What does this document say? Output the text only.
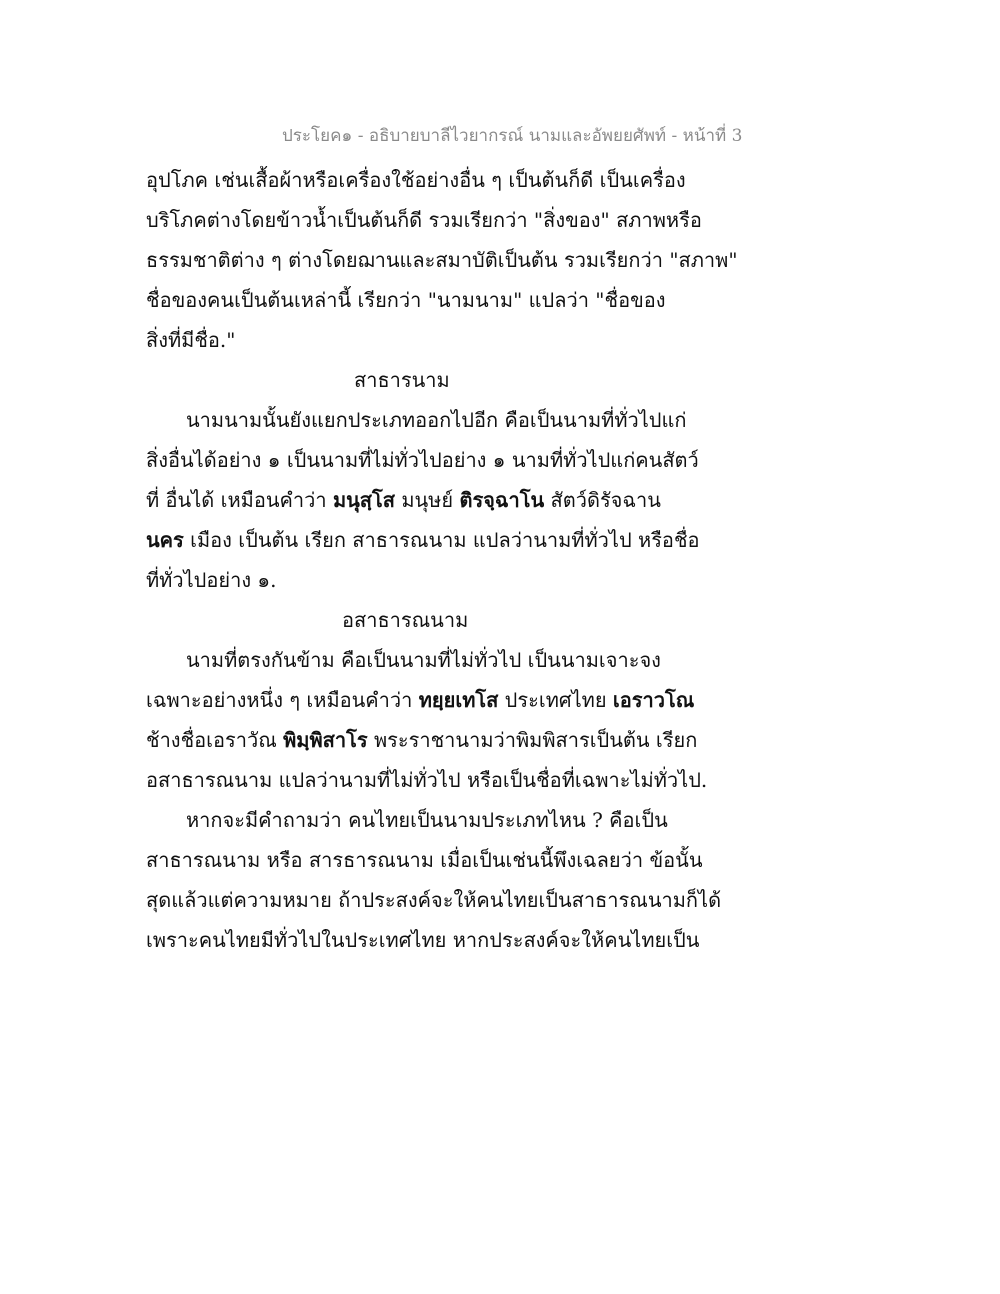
ประโยค๑ - อธิบายบาลีไวยากรณ์ นามและอัพยยศัพท์ - หน้าที่ 3
อุปโภค เช่นเสื้อผ้าหรือเครื่องใช้อย่างอื่น ๆ เป็นต้นก็ดี เป็นเครื่อง
บริโภคต่างโดยข้าวน้ำเป็นต้นก็ดี รวมเรียกว่า "สิ่งของ" สภาพหรือ
ธรรมชาติต่าง ๆ ต่างโดยฌานและสมาบัติเป็นต้น รวมเรียกว่า "สภาพ"
ชื่อของคนเป็นต้นเหล่านี้ เรียกว่า "นามนาม" แปลว่า "ชื่อของ
สิ่งที่มีชื่อ."
สาธารนาม
นามนามนั้นยังแยกประเภทออกไปอีก คือเป็นนามที่ทั่วไปแก่
สิ่งอื่นได้อย่าง ๑ เป็นนามที่ไม่ทั่วไปอย่าง ๑ นามที่ทั่วไปแก่คนสัตว์
ที่ อื่นได้ เหมือนคำว่า มนุสฺโส มนุษย์ ติรจฺฉาโน สัตว์ดิรัจฉาน
นคร เมือง เป็นต้น เรียก สาธารณนาม แปลว่านามที่ทั่วไป หรือชื่อ
ที่ทั่วไปอย่าง ๑.
อสาธารณนาม
นามที่ตรงกันข้าม คือเป็นนามที่ไม่ทั่วไป เป็นนามเจาะจง
เฉพาะอย่างหนึ่ง ๆ เหมือนคำว่า ทยฺยเทโส ประเทศไทย เอราวโณ
ช้างชื่อเอราวัณ พิมฺพิสาโร พระราชานามว่าพิมพิสารเป็นต้น เรียก
อสาธารณนาม แปลว่านามที่ไม่ทั่วไป หรือเป็นชื่อที่เฉพาะไม่ทั่วไป.
หากจะมีคำถามว่า คนไทยเป็นนามประเภทไหน ? คือเป็น
สาธารณนาม หรือ สารธารณนาม เมื่อเป็นเช่นนี้พึงเฉลยว่า ข้อนั้น
สุดแล้วแต่ความหมาย ถ้าประสงค์จะให้คนไทยเป็นสาธารณนามก็ได้
เพราะคนไทยมีทั่วไปในประเทศไทย หากประสงค์จะให้คนไทยเป็น
